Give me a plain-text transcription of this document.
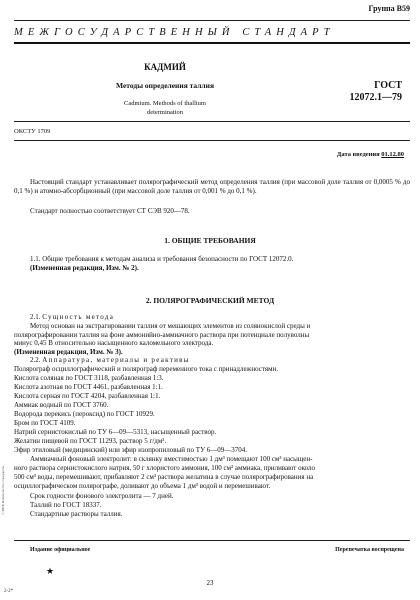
Группа В59
МЕЖГОСУДАРСТВЕННЫЙ СТАНДАРТ
КАДМИЙ
Методы определения таллия
Cadmium. Methods of thallium
determination
ГОСТ
12072.1—79
ОКСТУ 1709
Дата введения 01.12.80
Настоящий стандарт устанавливает полярографический метод определения таллия (при массовой доле таллия от 0,0005 % до 0,1 %) и атомно-абсорбционный (при массовой доле таллия от 0,001 % до 0,1 %).
Стандарт полностью соответствует СТ СЭВ 920—78.
1. ОБЩИЕ ТРЕБОВАНИЯ
1.1. Общие требования к методам анализа и требования безопасности по ГОСТ 12072.0.
(Измененная редакция, Изм. № 2).
2. ПОЛЯРОГРАФИЧЕСКИЙ МЕТОД
2.1. Сущность метода
Метод основан на экстрагировании таллия от мешающих элементов из солянокислой среды и
полярографировании таллия на фоне аммонийно-аммиачного раствора при потенциале полуволны
минус 0,45 В относительно насыщенного каломельного электрода.
(Измененная редакция, Изм. № 3).
2.2. Аппаратура, материалы и реактивы
Полярограф осциллографический и полярограф переменного тока с принадлежностями.
Кислота соляная по ГОСТ 3118, разбавленная 1:3.
Кислота азотная по ГОСТ 4461, разбавленная 1:1.
Кислота серная по ГОСТ 4204, разбавленная 1:1.
Аммиак водный по ГОСТ 3760.
Водорода перекись (пероксид) по ГОСТ 10929.
Бром по ГОСТ 4109.
Натрий сернистокислый по ТУ 6—09—5313, насыщенный раствор.
Желатин пищевой по ГОСТ 11293, раствор 5 г/дм³.
Эфир этиловый (медицинский) или эфир изопропиловый по ТУ 6—09—3704.
Аммиачный фоновый электролит: в склянку вместимостью 1 дм³ помещают 100 см³ насыщен-
ного раствора сернистокислого натрия, 50 г хлористого аммония, 100 см³ аммиака, приливают около
500 см³ воды, перемешивают, прибавляют 2 см³ раствора желатина в случае полярографирования на
осциллографическом полярографе, доливают до объема 1 дм³ водой и перемешивают.
Срок годности фонового электролита — 7 дней.
Таллий по ГОСТ 18337.
Стандартные растворы таллия.
Издание официальное	Перепечатка воспрещена
★
23
© ИПК Издательство стандартов
2-2*
